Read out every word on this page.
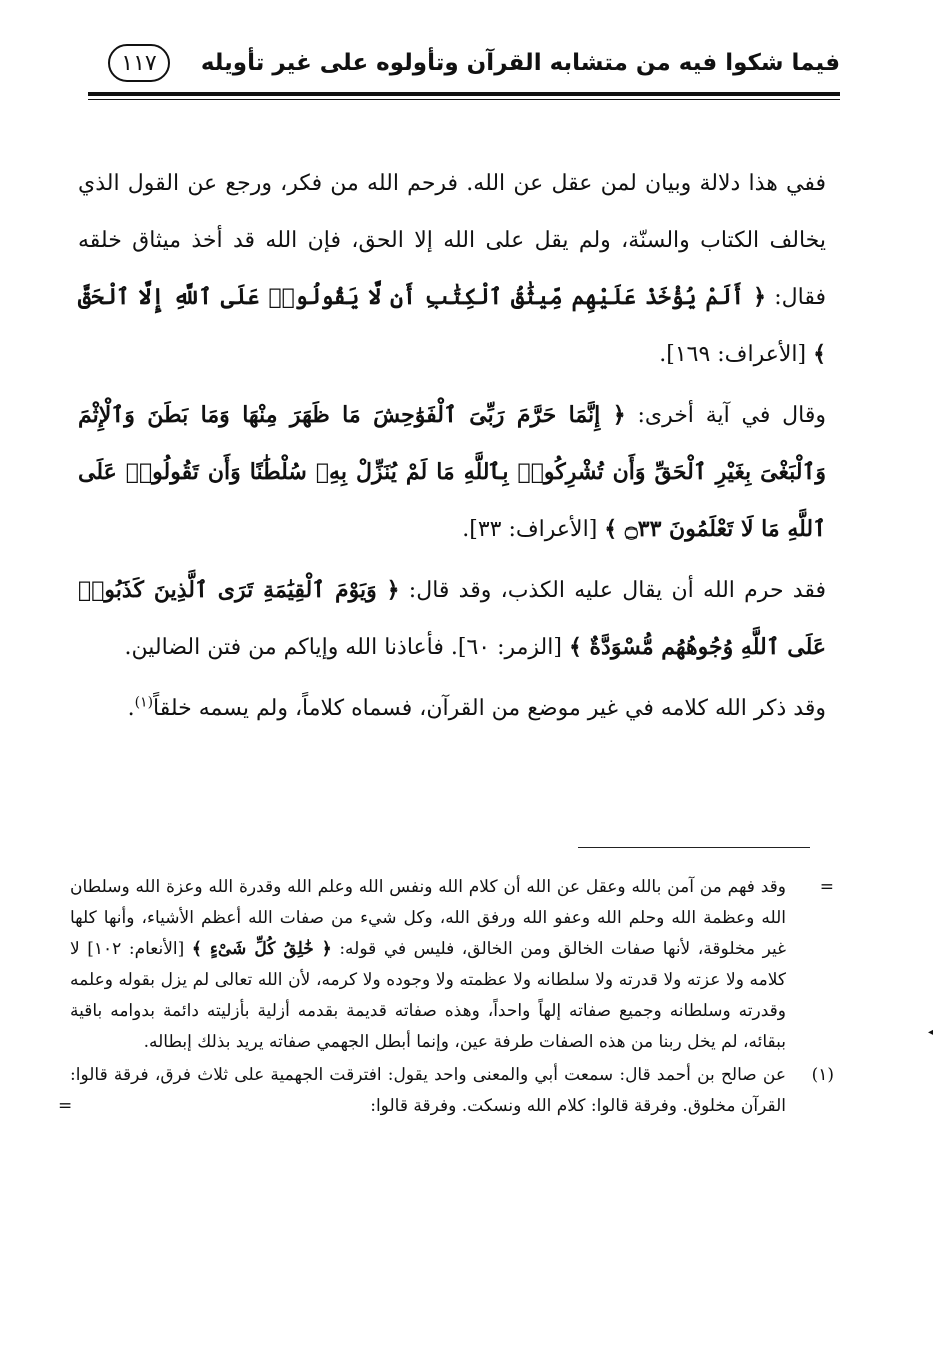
فيما شكوا فيه من متشابه القرآن وتأولوه على غير تأويله
١١٧

ففي هذا دلالة وبيان لمن عقل عن الله. فرحم الله من فكر، ورجع عن القول الذي يخالف الكتاب والسنّة، ولم يقل على الله إلا الحق، فإن الله قد أخذ ميثاق خلقه فقال: ﴿ أَلَمْ يُؤْخَذْ عَلَيْهِم مِّيثَٰقُ ٱلْكِتَٰبِ أَن لَّا يَقُولُوا۟ عَلَى ٱللَّهِ إِلَّا ٱلْحَقَّ ﴾ [الأعراف: ١٦٩].

وقال في آية أخرى: ﴿ إِنَّمَا حَرَّمَ رَبِّىَ ٱلْفَوَٰحِشَ مَا ظَهَرَ مِنْهَا وَمَا بَطَنَ وَٱلْإِثْمَ وَٱلْبَغْىَ بِغَيْرِ ٱلْحَقِّ وَأَن تُشْرِكُوا۟ بِٱللَّهِ مَا لَمْ يُنَزِّلْ بِهِۦ سُلْطَٰنًا وَأَن تَقُولُوا۟ عَلَى ٱللَّهِ مَا لَا تَعْلَمُونَ ۝٣٣ ﴾ [الأعراف: ٣٣].

فقد حرم الله أن يقال عليه الكذب، وقد قال: ﴿ وَيَوْمَ ٱلْقِيَٰمَةِ تَرَى ٱلَّذِينَ كَذَبُوا۟ عَلَى ٱللَّهِ وُجُوهُهُم مُّسْوَدَّةٌ ﴾ [الزمر: ٦٠]. فأعاذنا الله وإياكم من فتن الضالين.

وقد ذكر الله كلامه في غير موضع من القرآن، فسماه كلاماً، ولم يسمه خلقاً$^{(١)}$.

=
وقد فهم من آمن بالله وعقل عن الله أن كلام الله ونفس الله وعلم الله وقدرة الله وعزة الله وسلطان الله وعظمة الله وحلم الله وعفو الله ورفق الله، وكل شيء من صفات الله أعظم الأشياء، وأنها كلها غير مخلوقة، لأنها صفات الخالق ومن الخالق، فليس في قوله: ﴿ خَٰلِقُ كُلِّ شَىْءٍ ﴾ [الأنعام: ١٠٢] لا كلامه ولا عزته ولا قدرته ولا سلطانه ولا عظمته ولا وجوده ولا كرمه، لأن الله تعالى لم يزل بقوله وعلمه وقدرته وسلطانه وجميع صفاته إلهاً واحداً، وهذه صفاته قديمة بقدمه أزلية بأزليته دائمة بدوامه باقية ببقائه، لم يخل ربنا من هذه الصفات طرفة عين، وإنما أبطل الجهمي صفاته يريد بذلك إبطاله.
(١)
عن صالح بن أحمد قال: سمعت أبي والمعنى واحد يقول: افترقت الجهمية على ثلاث فرق، فرقة قالوا: القرآن مخلوق. وفرقة قالوا: كلام الله ونسكت. وفرقة قالوا:
=
◂
